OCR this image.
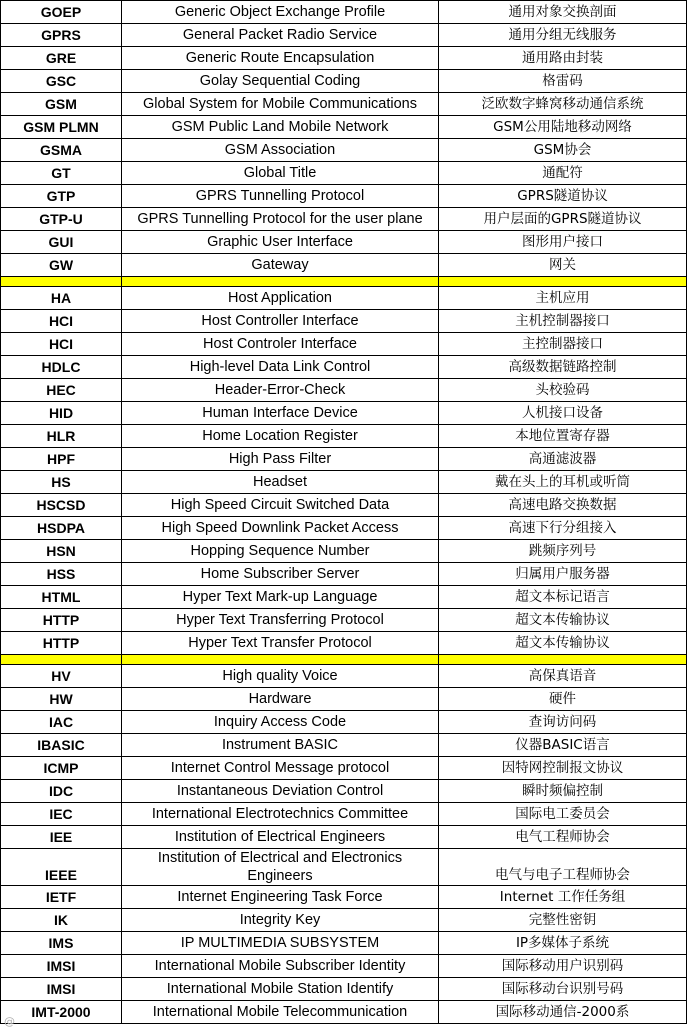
GOEP	Generic Object Exchange Profile	通用对象交换剖面
GPRS	General Packet Radio Service	通用分组无线服务
GRE	Generic Route Encapsulation	通用路由封装
GSC	Golay Sequential Coding	格雷码
GSM	Global System for Mobile Communications	泛欧数字蜂窝移动通信系统
GSM PLMN	GSM Public Land Mobile Network	GSM公用陆地移动网络
GSMA	GSM Association	GSM协会
GT	Global Title	通配符
GTP	GPRS Tunnelling Protocol	GPRS隧道协议
GTP-U	GPRS Tunnelling Protocol for the user plane	用户层面的GPRS隧道协议
GUI	Graphic User Interface	图形用户接口
GW	Gateway	网关

HA	Host Application	主机应用
HCI	Host Controller Interface	主机控制器接口
HCI	Host Controler Interface	主控制器接口
HDLC	High-level Data Link Control	高级数据链路控制
HEC	Header-Error-Check	头校验码
HID	Human Interface Device	人机接口设备
HLR	Home Location Register	本地位置寄存器
HPF	High Pass Filter	高通滤波器
HS	Headset	戴在头上的耳机或听筒
HSCSD	High Speed Circuit Switched Data	高速电路交换数据
HSDPA	High Speed Downlink Packet Access	高速下行分组接入
HSN	Hopping Sequence Number	跳频序列号
HSS	Home Subscriber Server	归属用户服务器
HTML	Hyper Text Mark-up Language	超文本标记语言
HTTP	Hyper Text Transferring Protocol	超文本传输协议
HTTP	Hyper Text Transfer Protocol	超文本传输协议

HV	High quality Voice	高保真语音
HW	Hardware	硬件
IAC	Inquiry Access Code	查询访问码
IBASIC	Instrument BASIC	仪器BASIC语言
ICMP	Internet Control Message protocol	因特网控制报文协议
IDC	Instantaneous Deviation Control	瞬时频偏控制
IEC	International Electrotechnics Committee	国际电工委员会
IEE	Institution of Electrical Engineers	电气工程师协会
IEEE	Institution of Electrical and Electronics Engineers	电气与电子工程师协会
IETF	Internet Engineering Task Force	Internet 工作任务组
IK	Integrity Key	完整性密钥
IMS	IP MULTIMEDIA SUBSYSTEM	IP多媒体子系统
IMSI	International Mobile Subscriber Identity	国际移动用户识别码
IMSI	International Mobile Station Identify	国际移动台识别号码
IMT-2000	International Mobile Telecommunication	国际移动通信-2000系
@
